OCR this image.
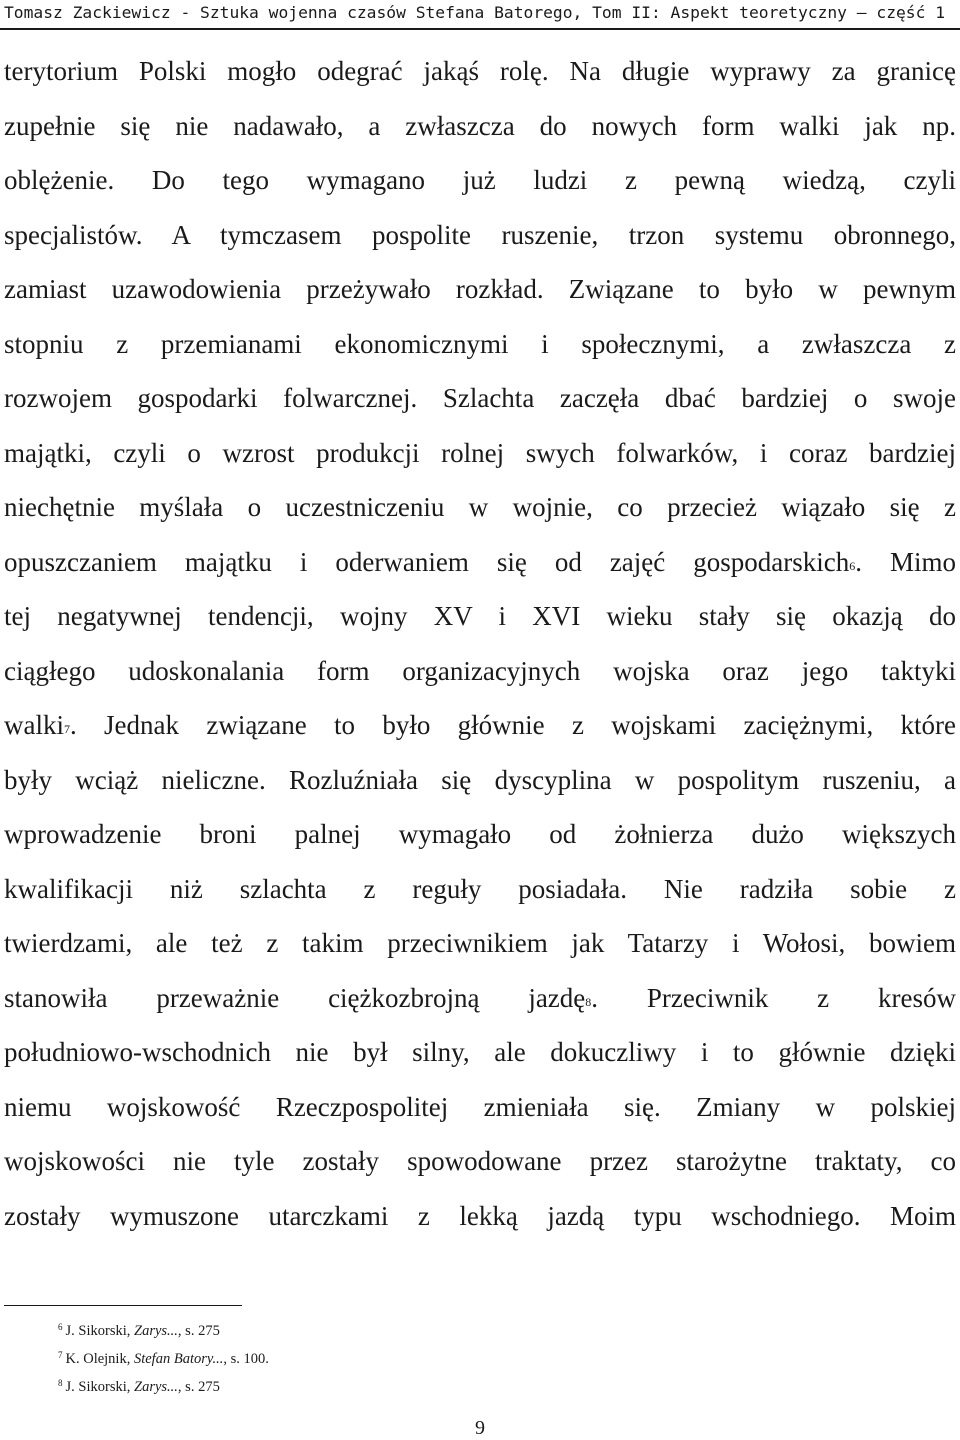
Tomasz Zackiewicz - Sztuka wojenna czasów Stefana Batorego, Tom II: Aspekt teoretyczny – część 1
terytorium Polski mogło odegrać jakąś rolę. Na długie wyprawy za granicę
zupełnie się nie nadawało, a zwłaszcza do nowych form walki jak np.
oblężenie. Do tego wymagano już ludzi z pewną wiedzą, czyli
specjalistów. A tymczasem pospolite ruszenie, trzon systemu obronnego,
zamiast uzawodowienia przeżywało rozkład. Związane to było w pewnym
stopniu z przemianami ekonomicznymi i społecznymi, a zwłaszcza z
rozwojem gospodarki folwarcznej. Szlachta zaczęła dbać bardziej o swoje
majątki, czyli o wzrost produkcji rolnej swych folwarków, i coraz bardziej
niechętnie myślała o uczestniczeniu w wojnie, co przecież wiązało się z
opuszczaniem majątku i oderwaniem się od zajęć gospodarskich6. Mimo
tej negatywnej tendencji, wojny XV i XVI wieku stały się okazją do
ciągłego udoskonalania form organizacyjnych wojska oraz jego taktyki
walki7. Jednak związane to było głównie z wojskami zaciężnymi, które
były wciąż nieliczne. Rozluźniała się dyscyplina w pospolitym ruszeniu, a
wprowadzenie broni palnej wymagało od żołnierza dużo większych
kwalifikacji niż szlachta z reguły posiadała. Nie radziła sobie z
twierdzami, ale też z takim przeciwnikiem jak Tatarzy i Wołosi, bowiem
stanowiła przeważnie ciężkozbrojną jazdę8. Przeciwnik z kresów
południowo-wschodnich nie był silny, ale dokuczliwy i to głównie dzięki
niemu wojskowość Rzeczpospolitej zmieniała się. Zmiany w polskiej
wojskowości nie tyle zostały spowodowane przez starożytne traktaty, co
zostały wymuszone utarczkami z lekką jazdą typu wschodniego. Moim
$^6$ J. Sikorski, Zarys..., s. 275
$^7$ K. Olejnik, Stefan Batory..., s. 100.
$^8$ J. Sikorski, Zarys..., s. 275
9
